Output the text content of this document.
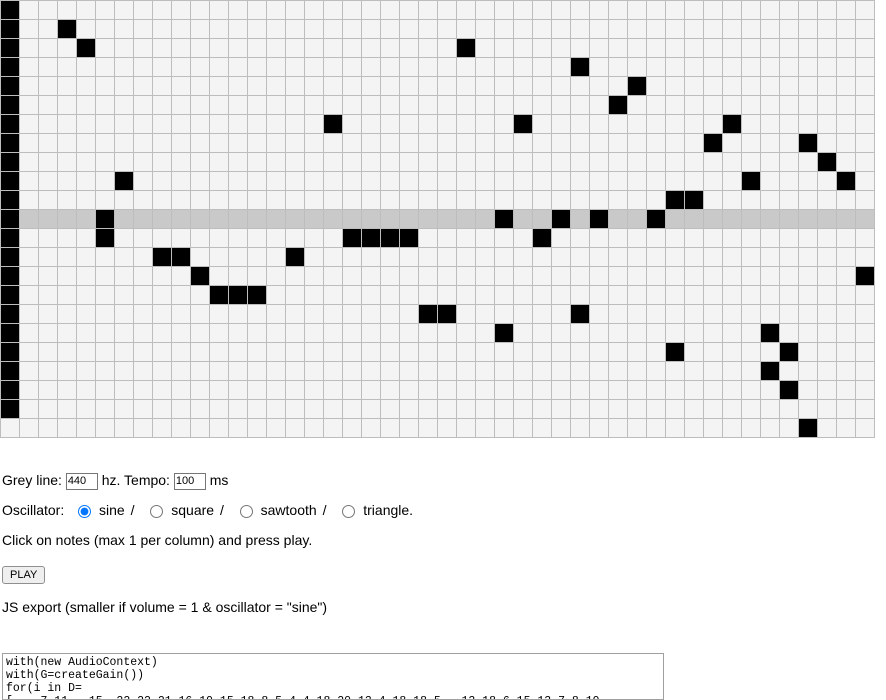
Grey line: 440	hz. Tempo: 100	ms
Oscillator: sine /	square /	sawtooth /	triangle.
Click on notes (max 1 per column) and press play.
PLAY
JS export (smaller if volume = 1 & oscillator = "sine")
with(new AudioContext) with(G=createGain()) for(i in D= [,,,,7,11,,,15,,22,22,21,16,19,15,18,8,5,4,4,18,20,13,4,18,18,5,,,13,18,6,15,13,7,8,19,
